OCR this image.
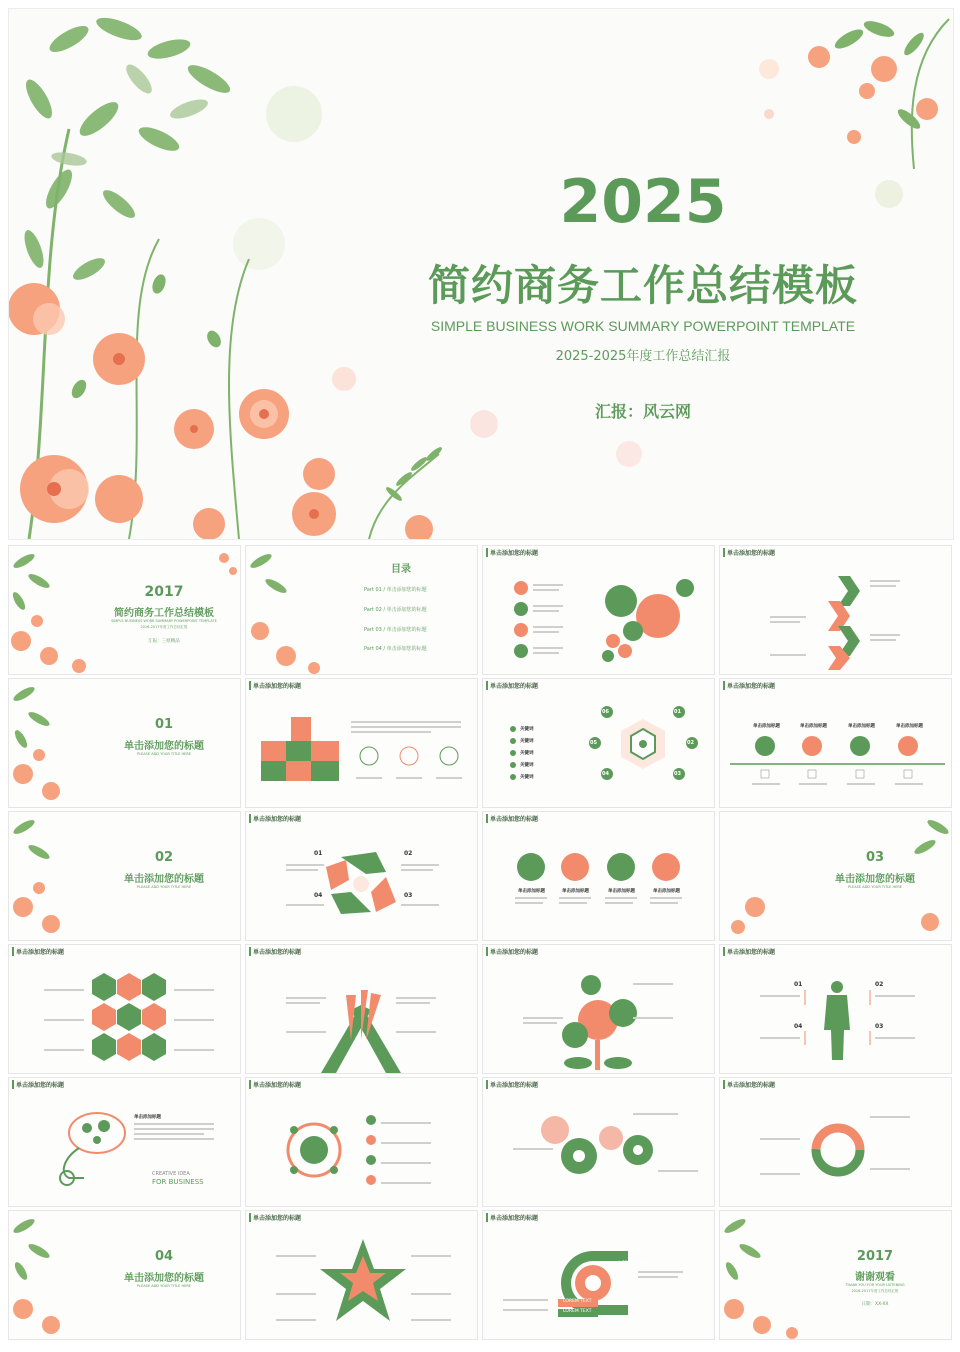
2025
简约商务工作总结模板
SIMPLE BUSINESS WORK SUMMARY POWERPOINT TEMPLATE
2025-2025年度工作总结汇报
汇报：风云网
2017
简约商务工作总结模板
SIMPLE BUSINESS WORK SUMMARY POWERPOINT TEMPLATE
2016-2017年度工作总结汇报
汇报：三原精品
目录
Part 01 / 单击添加您的标题
Part 02 / 单击添加您的标题
Part 03 / 单击添加您的标题
Part 04 / 单击添加您的标题
单击添加您的标题	单击添加您的标题
01
单击添加您的标题
PLEASE ADD YOUR TITLE HERE
单击添加您的标题	单击添加您的标题
06	01
05	02
04	03
关键词
关键词
关键词
关键词
关键词
单击添加您的标题
单击添加标题	单击添加标题	单击添加标题	单击添加标题
02
单击添加您的标题
PLEASE ADD YOUR TITLE HERE
单击添加您的标题
01	02
04	03
单击添加您的标题
单击添加标题	单击添加标题	单击添加标题	单击添加标题
03
单击添加您的标题
PLEASE ADD YOUR TITLE HERE
单击添加您的标题	单击添加您的标题	单击添加您的标题	单击添加您的标题
01	02
04	03
单击添加您的标题
单击添加标题
CREATIVE IDEA
FOR BUSINESS
单击添加您的标题	单击添加您的标题	单击添加您的标题
04
单击添加您的标题
PLEASE ADD YOUR TITLE HERE
单击添加您的标题	单击添加您的标题
LOREM TEXT
LOREM TEXT
LOREM TEXT
LOREM TEXT
2017
谢谢观看
THANK YOU FOR YOUR LISTENING
2016-2017年度工作总结汇报
日期：XX-XX
